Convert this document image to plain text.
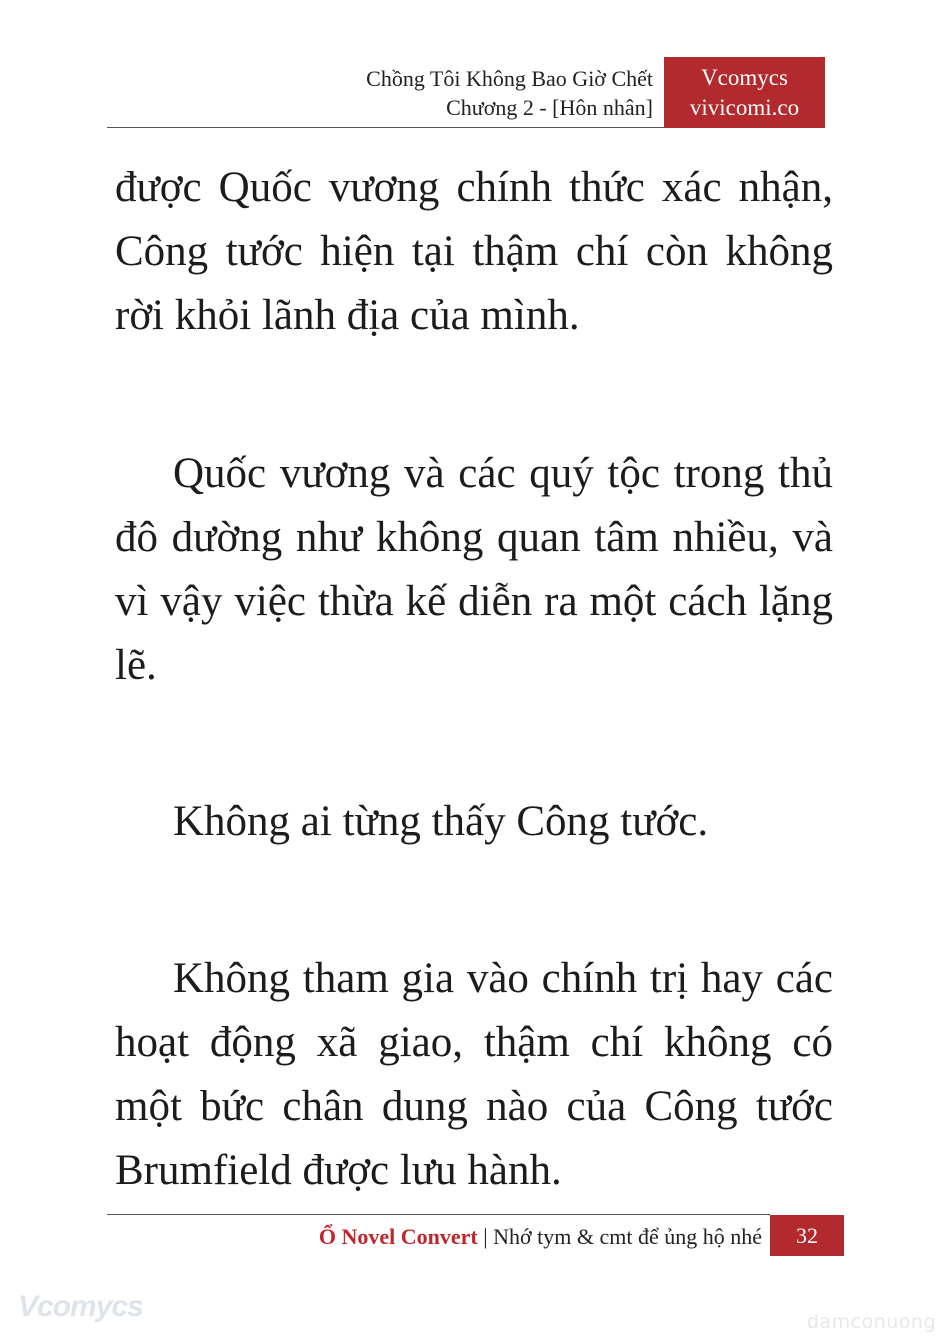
Chồng Tôi Không Bao Giờ Chết
Chương 2 - [Hôn nhân]
Vcomycs
vivicomi.co

được Quốc vương chính thức xác nhận, Công tước hiện tại thậm chí còn không rời khỏi lãnh địa của mình.

Quốc vương và các quý tộc trong thủ đô dường như không quan tâm nhiều, và vì vậy việc thừa kế diễn ra một cách lặng lẽ.

Không ai từng thấy Công tước.

Không tham gia vào chính trị hay các hoạt động xã giao, thậm chí không có một bức chân dung nào của Công tước Brumfield được lưu hành.

Ổ Novel Convert | Nhớ tym & cmt để ủng hộ nhé	32
Vcomycs	damconuong
